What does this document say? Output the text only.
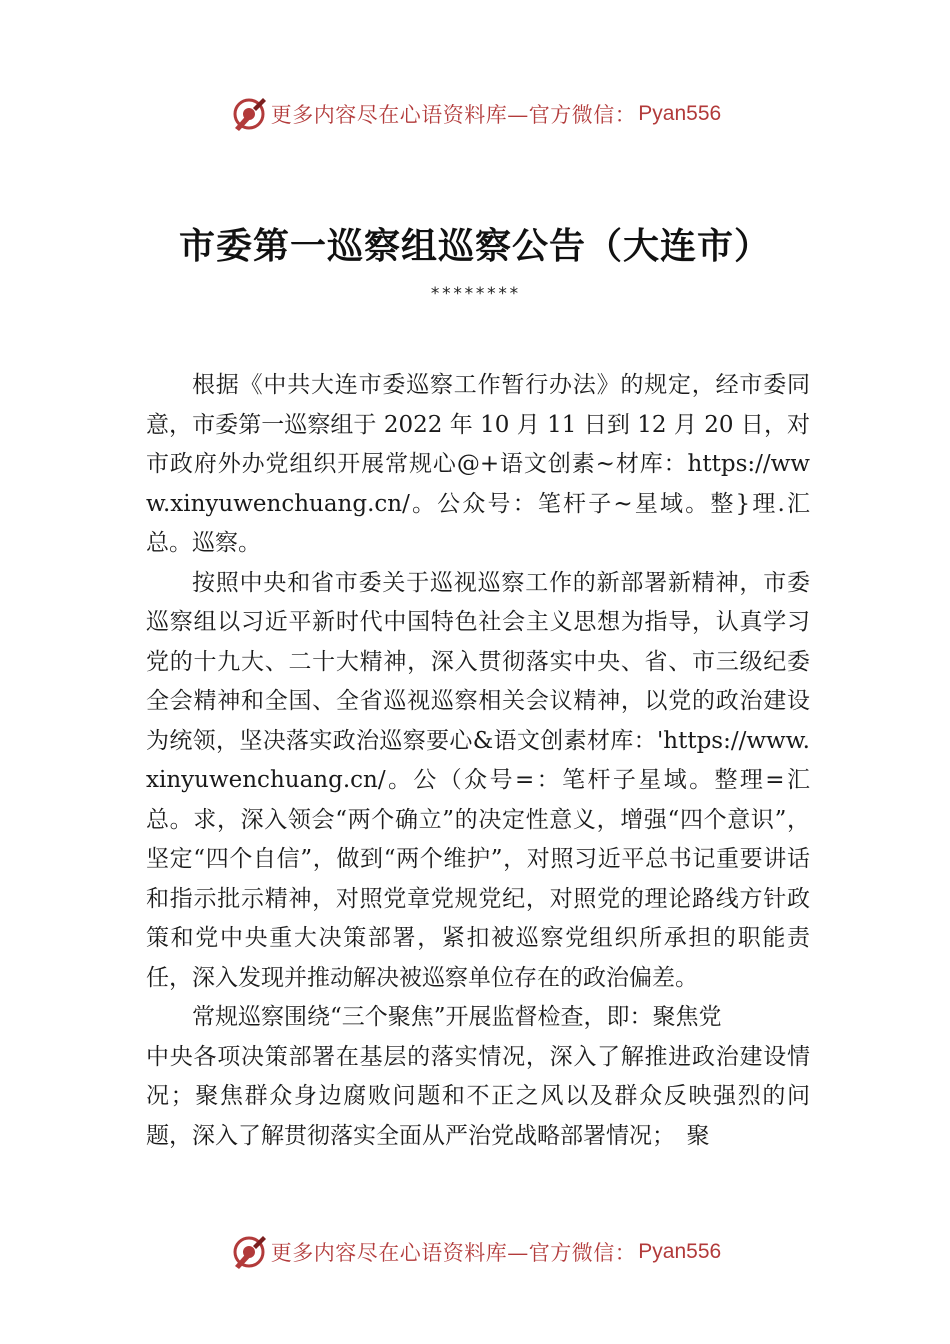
更多内容尽在心语资料库—官方微信： Pyan556
市委第一巡察组巡察公告（大连市）
********

根据《中共大连市委巡察工作暂行办法》的规定，经市委同意，市委第一巡察组于 2022 年 10 月 11 日到 12 月 20 日，对市政府外办党组织开展常规心@+语文创素~材库：https://www.xinyuwenchuang.cn/。公众号：笔杆子~星域。整}理.汇总。巡察。

按照中央和省市委关于巡视巡察工作的新部署新精神，市委巡察组以习近平新时代中国特色社会主义思想为指导，认真学习党的十九大、二十大精神，深入贯彻落实中央、省、市三级纪委全会精神和全国、全省巡视巡察相关会议精神，以党的政治建设为统领，坚决落实政治巡察要心&语文创素材库：'https://www.xinyuwenchuang.cn/。公（众号=：笔杆子星域。整理=汇总。求，深入领会“两个确立”的决定性意义，增强“四个意识”，坚定“四个自信”，做到“两个维护”，对照习近平总书记重要讲话和指示批示精神，对照党章党规党纪，对照党的理论路线方针政策和党中央重大决策部署，紧扣被巡察党组织所承担的职能责任，深入发现并推动解决被巡察单位存在的政治偏差。

常规巡察围绕“三个聚焦”开展监督检查，即：聚焦党

中央各项决策部署在基层的落实情况，深入了解推进政治建设情况；聚焦群众身边腐败问题和不正之风以及群众反映强烈的问题，深入了解贯彻落实全面从严治党战略部署情况；　聚

更多内容尽在心语资料库—官方微信： Pyan556
